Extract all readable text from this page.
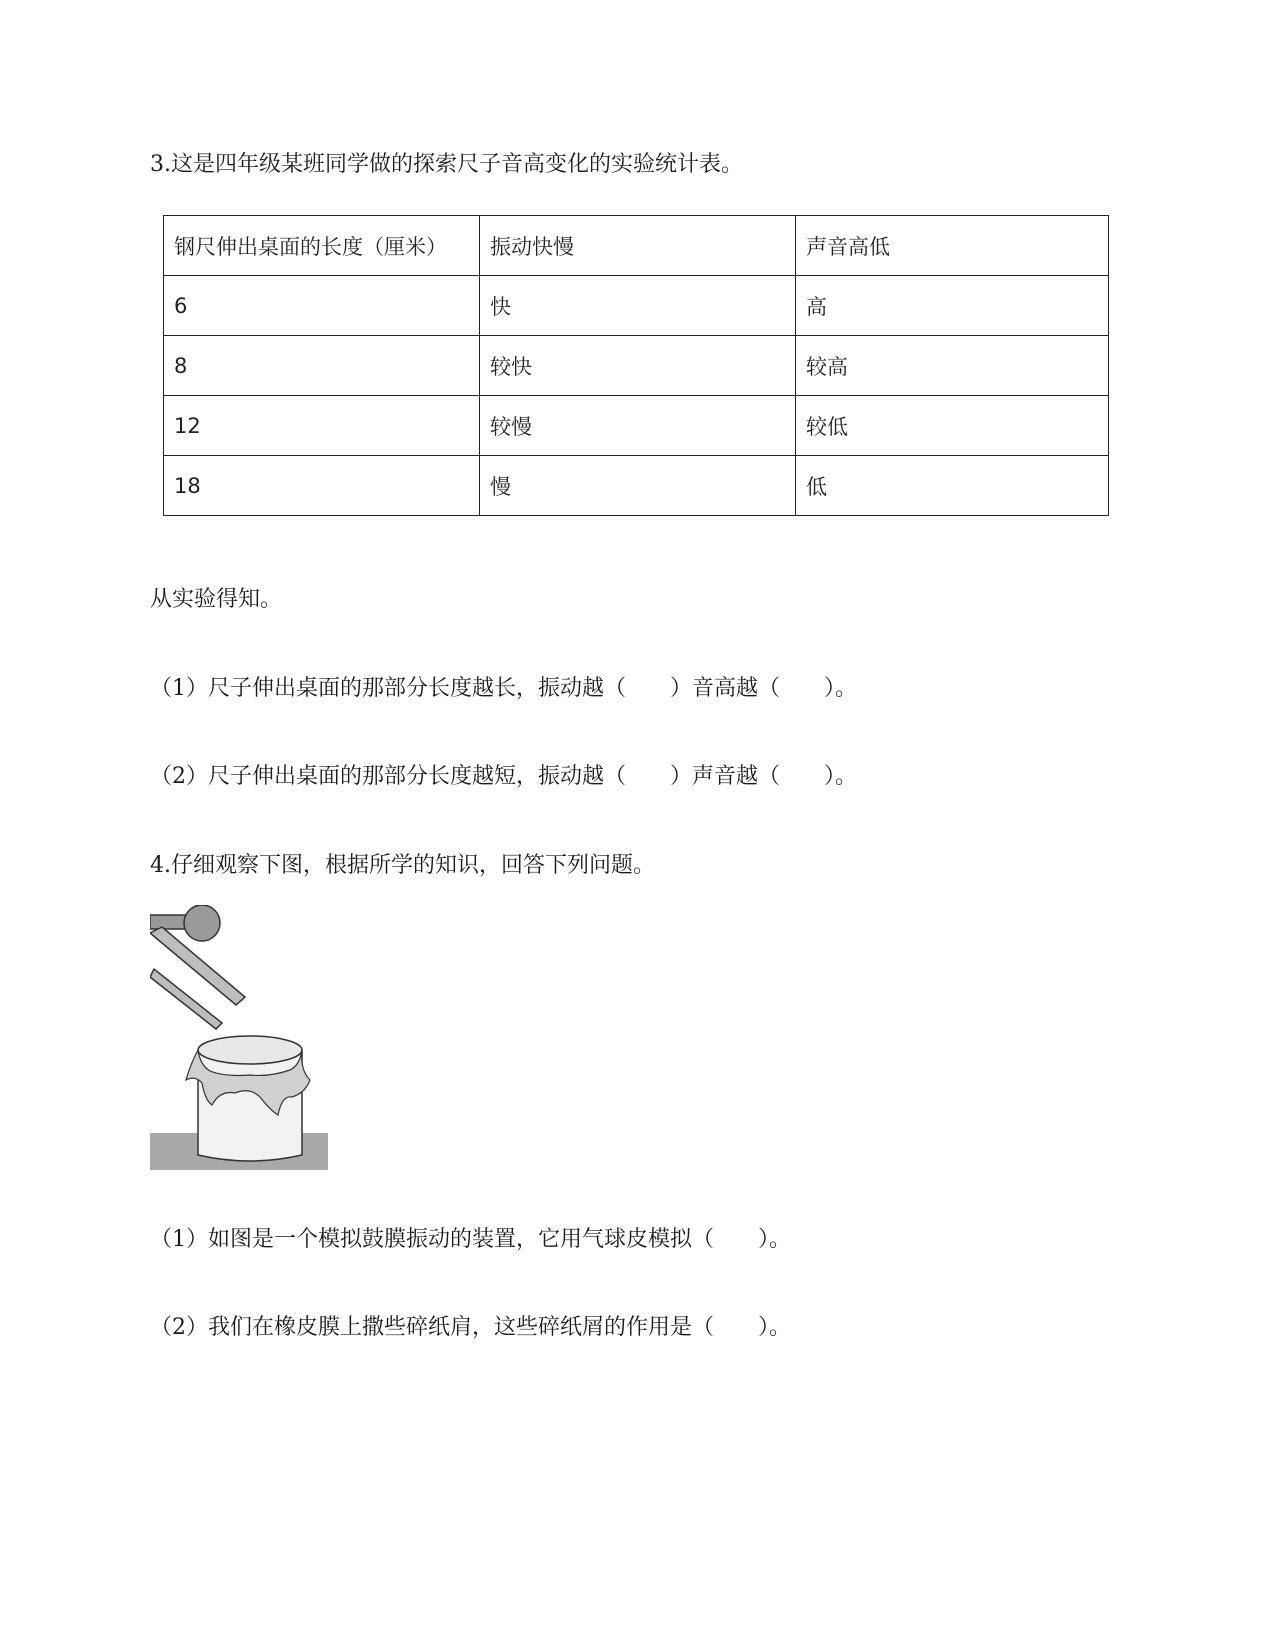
3.这是四年级某班同学做的探索尺子音高变化的实验统计表。
钢尺伸出桌面的长度（厘米）	振动快慢	声音高低
6	快	高
8	较快	较高
12	较慢	较低
18	慢	低
从实验得知。
（1）尺子伸出桌面的那部分长度越长，振动越（　　）音高越（　　）。
（2）尺子伸出桌面的那部分长度越短，振动越（　　）声音越（　　）。
4.仔细观察下图，根据所学的知识，回答下列问题。
（1）如图是一个模拟鼓膜振动的装置，它用气球皮模拟（　　）。
（2）我们在橡皮膜上撒些碎纸肩，这些碎纸屑的作用是（　　）。
